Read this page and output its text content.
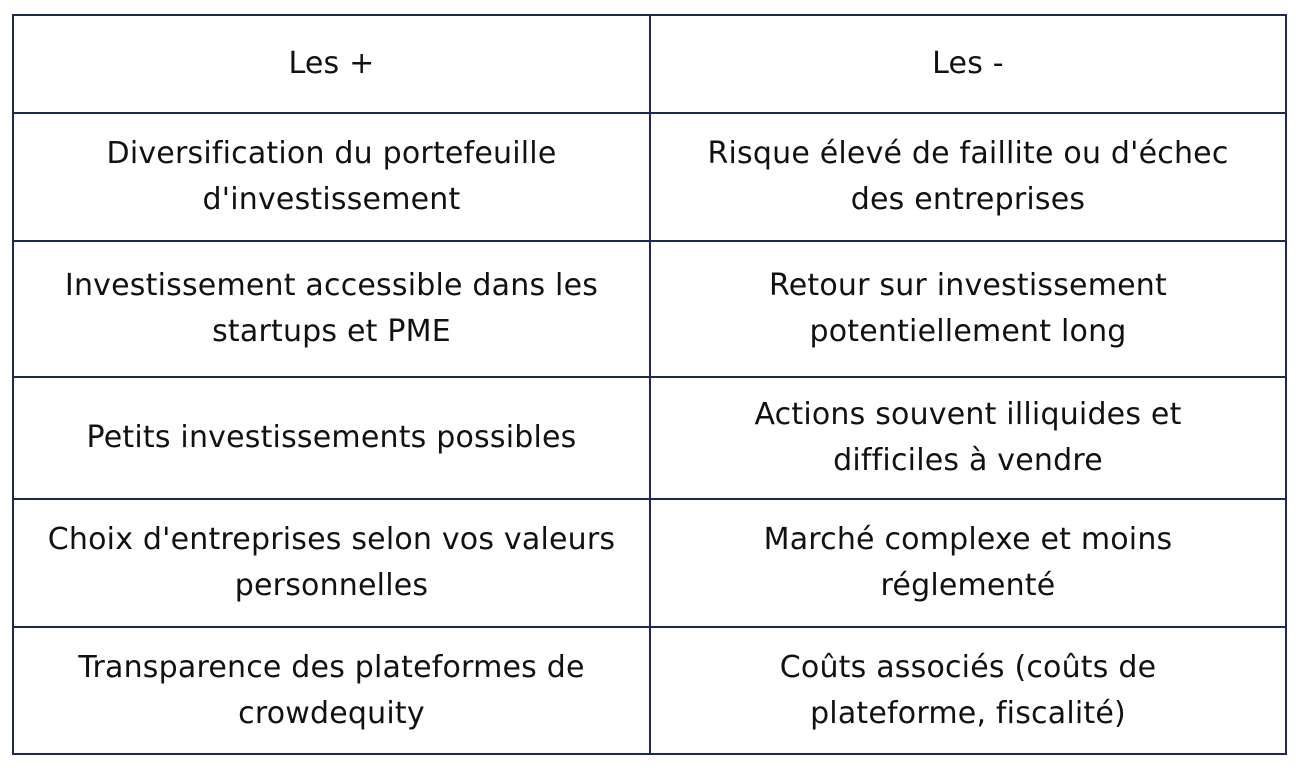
Les +	Les -
Diversification du portefeuille
d'investissement
Risque élevé de faillite ou d'échec
des entreprises
Investissement accessible dans les
startups et PME
Retour sur investissement
potentiellement long
Petits investissements possibles
Actions souvent illiquides et
difficiles à vendre
Choix d'entreprises selon vos valeurs
personnelles
Marché complexe et moins
réglementé
Transparence des plateformes de
crowdequity
Coûts associés (coûts de
plateforme, fiscalité)
